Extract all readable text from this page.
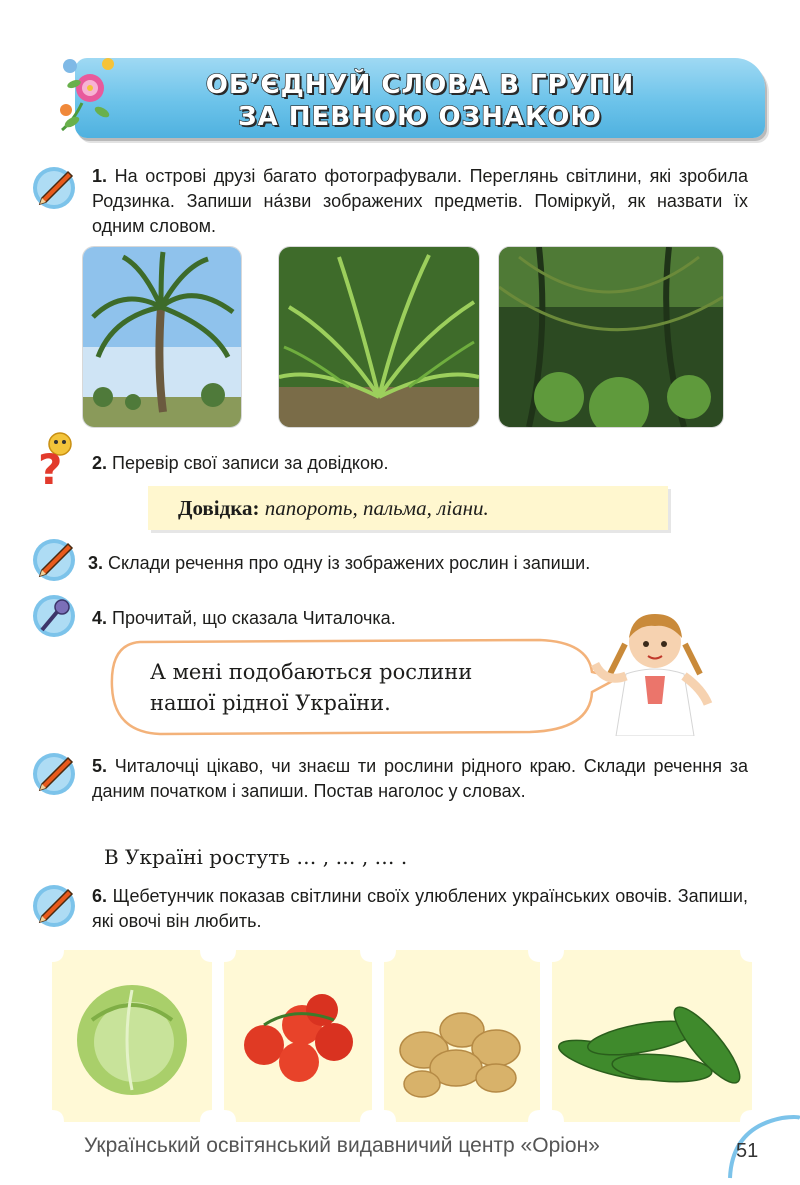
ОБ’ЄДНУЙ СЛОВА В ГРУПИ
ЗА ПЕВНОЮ ОЗНАКОЮ
1. На острові друзі багато фотографували. Переглянь світлини, які зробила Родзинка. Запиши на́зви зображених предметів. Поміркуй, як назвати їх одним словом.
? 2. Перевір свої записи за довідкою.
Довідка: папороть, пальма, ліани.
3. Склади речення про одну із зображених рослин і запиши.
4. Прочитай, що сказала Читалочка.
А мені подобаються рослини
нашої рідної України.
5. Читалочці цікаво, чи знаєш ти рослини рідного краю. Склади речення за даним початком і запиши. Постав наголос у словах.
В Україні ростуть … , … , … .
6. Щебетунчик показав світлини своїх улюблених українських овочів. Запиши, які овочі він любить.
Український освітянський видавничий центр «Оріон»	51
